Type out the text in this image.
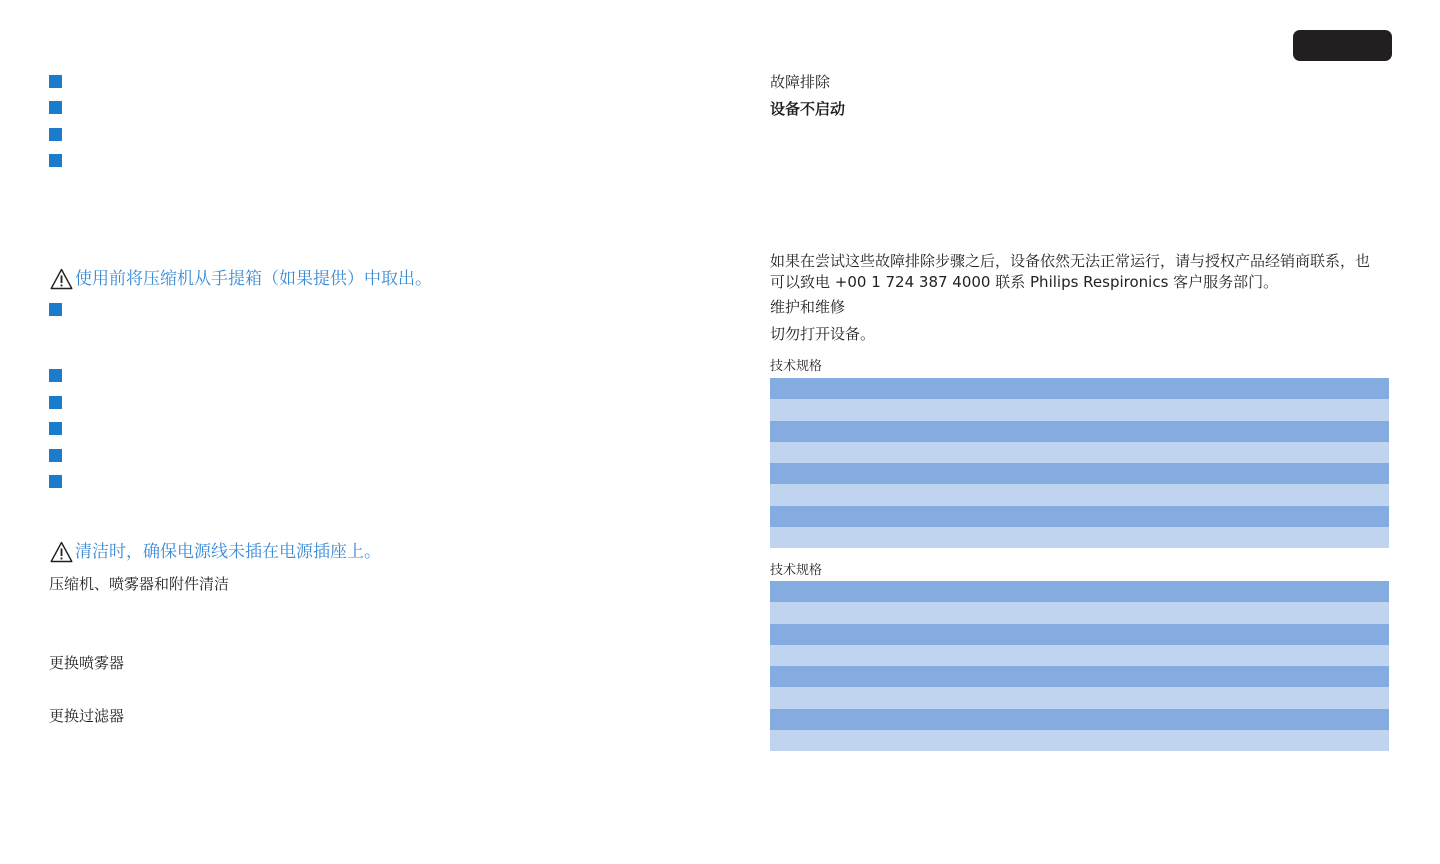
使用前将压缩机从手提箱（如果提供）中取出。
清洁时，确保电源线未插在电源插座上。
压缩机、喷雾器和附件清洁
更换喷雾器
更换过滤器
故障排除
设备不启动
如果在尝试这些故障排除步骤之后，设备依然无法正常运行，请与授权产品经销商联系，也可以致电 +00 1 724 387 4000 联系 Philips Respironics 客户服务部门。
维护和维修
切勿打开设备。
技术规格
技术规格
